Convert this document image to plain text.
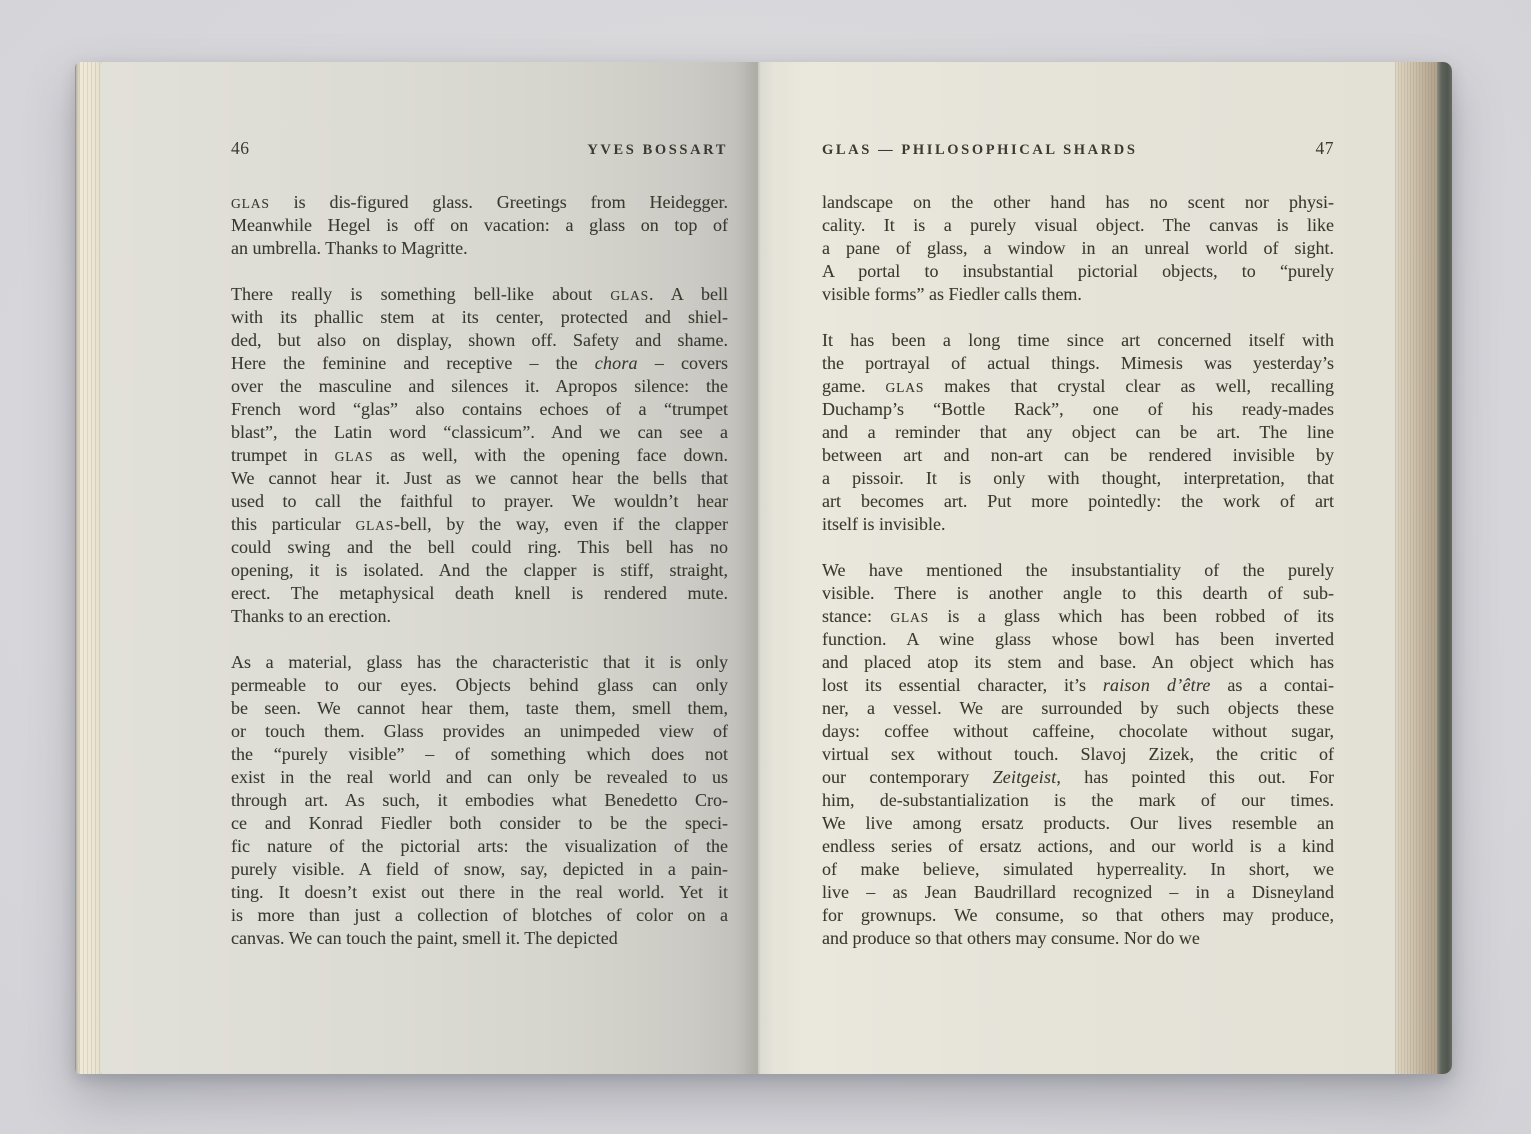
46	YVES BOSSART
GLAS is dis-figured glass. Greetings from Heidegger.
Meanwhile Hegel is off on vacation: a glass on top of
an umbrella. Thanks to Magritte.
There really is something bell-like about GLAS. A bell
with its phallic stem at its center, protected and shiel-
ded, but also on display, shown off. Safety and shame.
Here the feminine and receptive – the chora – covers
over the masculine and silences it. Apropos silence: the
French word “glas” also contains echoes of a “trumpet
blast”, the Latin word “classicum”. And we can see a
trumpet in GLAS as well, with the opening face down.
We cannot hear it. Just as we cannot hear the bells that
used to call the faithful to prayer. We wouldn’t hear
this particular GLAS-bell, by the way, even if the clapper
could swing and the bell could ring. This bell has no
opening, it is isolated. And the clapper is stiff, straight,
erect. The metaphysical death knell is rendered mute.
Thanks to an erection.
As a material, glass has the characteristic that it is only
permeable to our eyes. Objects behind glass can only
be seen. We cannot hear them, taste them, smell them,
or touch them. Glass provides an unimpeded view of
the “purely visible” – of something which does not
exist in the real world and can only be revealed to us
through art. As such, it embodies what Benedetto Cro-
ce and Konrad Fiedler both consider to be the speci-
fic nature of the pictorial arts: the visualization of the
purely visible. A field of snow, say, depicted in a pain-
ting. It doesn’t exist out there in the real world. Yet it
is more than just a collection of blotches of color on a
canvas. We can touch the paint, smell it. The depicted
GLAS — PHILOSOPHICAL SHARDS	47
landscape on the other hand has no scent nor physi-
cality. It is a purely visual object. The canvas is like
a pane of glass, a window in an unreal world of sight.
A portal to insubstantial pictorial objects, to “purely
visible forms” as Fiedler calls them.
It has been a long time since art concerned itself with
the portrayal of actual things. Mimesis was yesterday’s
game. GLAS makes that crystal clear as well, recalling
Duchamp’s “Bottle Rack”, one of his ready-mades
and a reminder that any object can be art. The line
between art and non-art can be rendered invisible by
a pissoir. It is only with thought, interpretation, that
art becomes art. Put more pointedly: the work of art
itself is invisible.
We have mentioned the insubstantiality of the purely
visible. There is another angle to this dearth of sub-
stance: GLAS is a glass which has been robbed of its
function. A wine glass whose bowl has been inverted
and placed atop its stem and base. An object which has
lost its essential character, it’s raison d’être as a contai-
ner, a vessel. We are surrounded by such objects these
days: coffee without caffeine, chocolate without sugar,
virtual sex without touch. Slavoj Zizek, the critic of
our contemporary Zeitgeist, has pointed this out. For
him, de-substantialization is the mark of our times.
We live among ersatz products. Our lives resemble an
endless series of ersatz actions, and our world is a kind
of make believe, simulated hyperreality. In short, we
live – as Jean Baudrillard recognized – in a Disneyland
for grownups. We consume, so that others may produce,
and produce so that others may consume. Nor do we
